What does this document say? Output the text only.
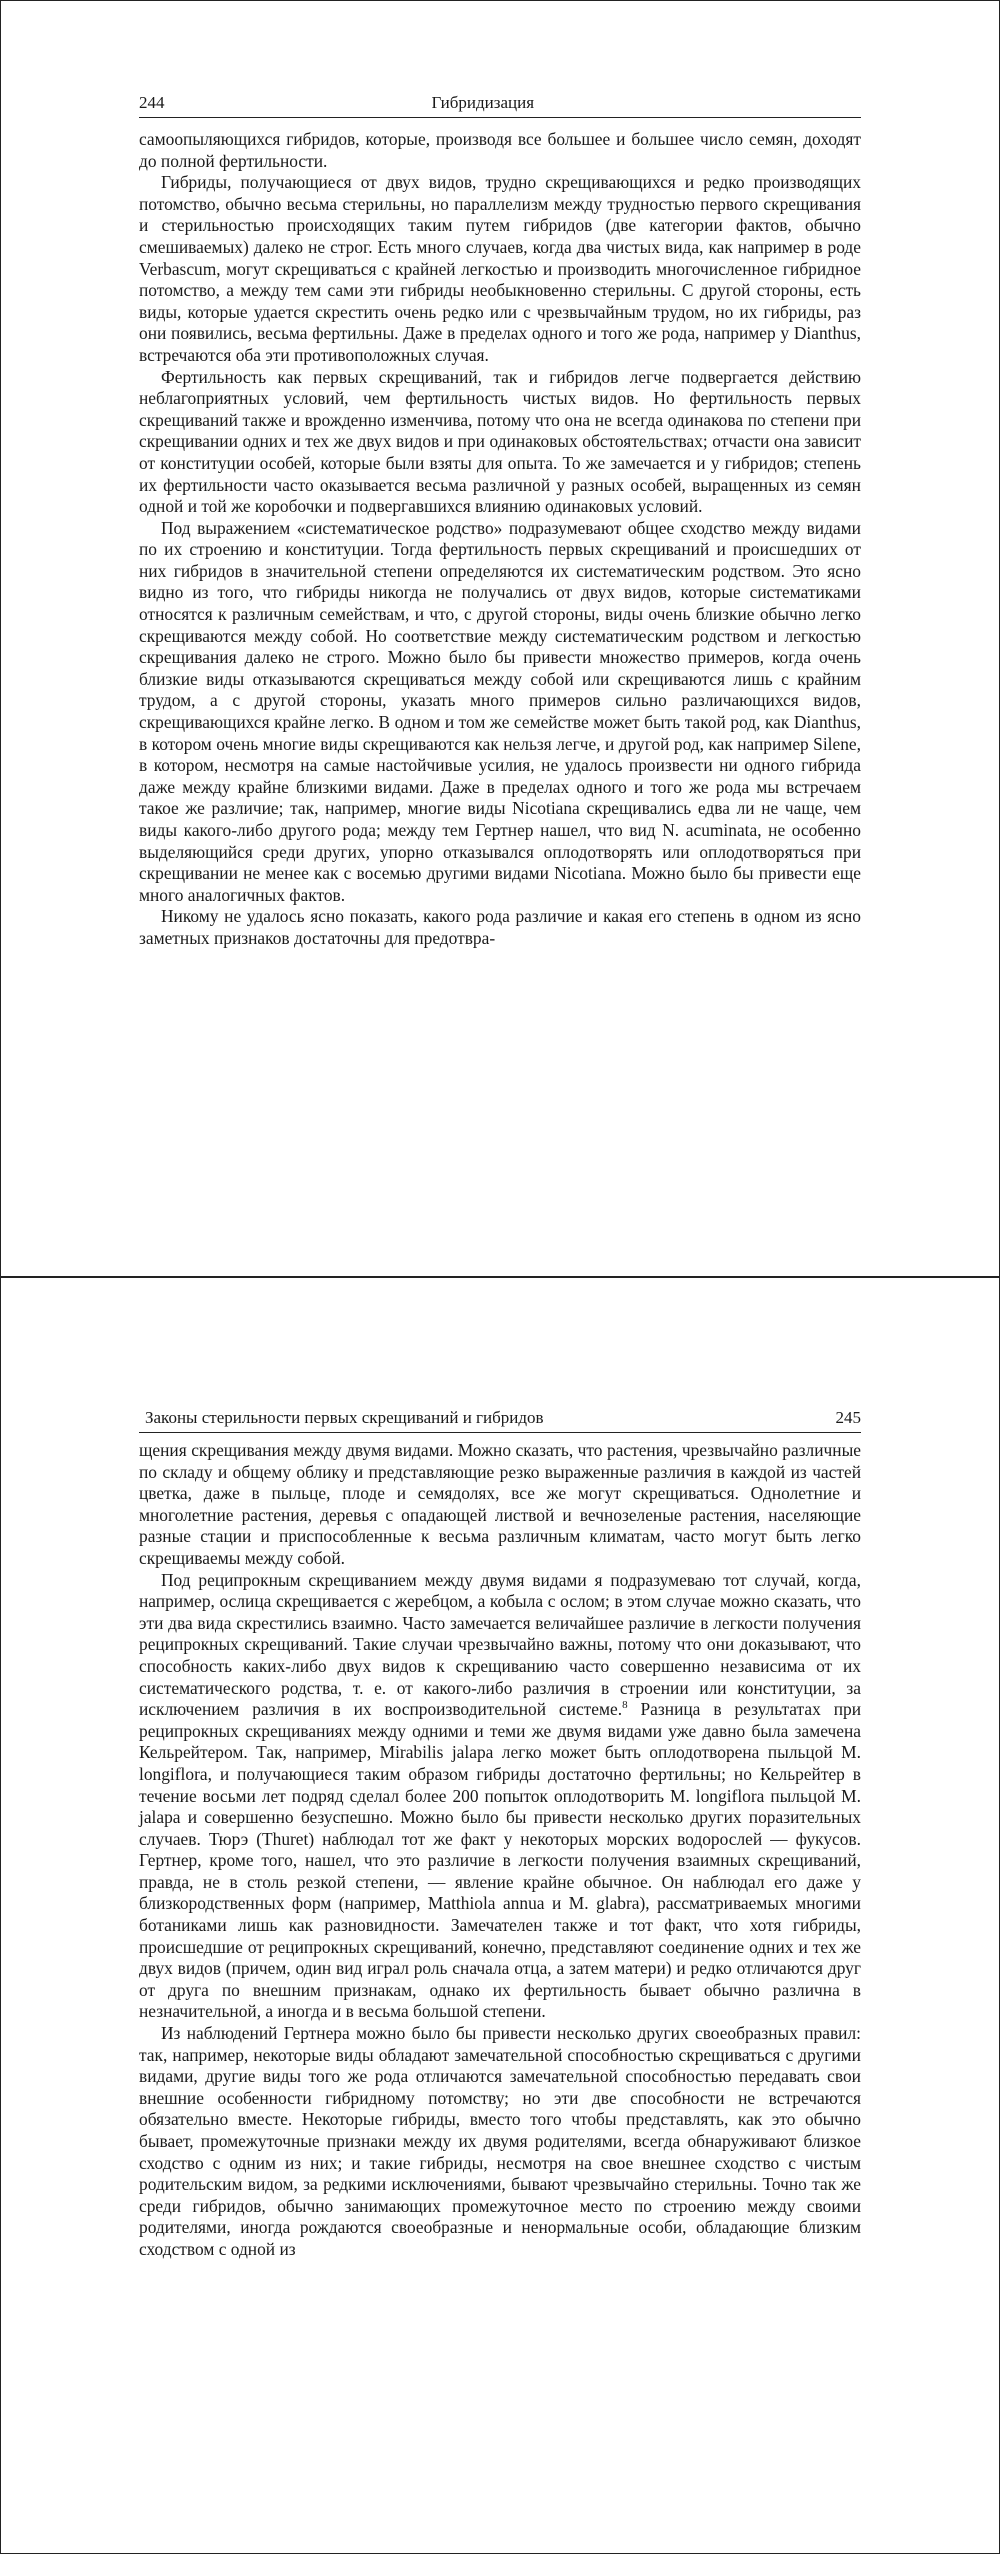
244	Гибридизация

самоопыляющихся гибридов, которые, производя все большее и большее число семян, доходят до полной фертильности.

Гибриды, получающиеся от двух видов, трудно скрещивающихся и редко производящих потомство, обычно весьма стерильны, но параллелизм между трудностью первого скрещивания и стерильностью происходящих таким путем гибридов (две категории фактов, обычно смешиваемых) далеко не строг. Есть много случаев, когда два чистых вида, как например в роде Verbascum, могут скрещиваться с крайней легкостью и производить многочисленное гибридное потомство, а между тем сами эти гибриды необыкновенно стерильны. С другой стороны, есть виды, которые удается скрестить очень редко или с чрезвычайным трудом, но их гибриды, раз они появились, весьма фертильны. Даже в пределах одного и того же рода, например у Dianthus, встречаются оба эти противоположных случая.

Фертильность как первых скрещиваний, так и гибридов легче подвергается действию неблагоприятных условий, чем фертильность чистых видов. Но фертильность первых скрещиваний также и врожденно изменчива, потому что она не всегда одинакова по степени при скрещивании одних и тех же двух видов и при одинаковых обстоятельствах; отчасти она зависит от конституции особей, которые были взяты для опыта. То же замечается и у гибридов; степень их фертильности часто оказывается весьма различной у разных особей, выращенных из семян одной и той же коробочки и подвергавшихся влиянию одинаковых условий.

Под выражением «систематическое родство» подразумевают общее сходство между видами по их строению и конституции. Тогда фертильность первых скрещиваний и происшедших от них гибридов в значительной степени определяются их систематическим родством. Это ясно видно из того, что гибриды никогда не получались от двух видов, которые систематиками относятся к различным семействам, и что, с другой стороны, виды очень близкие обычно легко скрещиваются между собой. Но соответствие между систематическим родством и легкостью скрещивания далеко не строго. Можно было бы привести множество примеров, когда очень близкие виды отказываются скрещиваться между собой или скрещиваются лишь с крайним трудом, а с другой стороны, указать много примеров сильно различающихся видов, скрещивающихся крайне легко. В одном и том же семействе может быть такой род, как Dianthus, в котором очень многие виды скрещиваются как нельзя легче, и другой род, как например Silene, в котором, несмотря на самые настойчивые усилия, не удалось произвести ни одного гибрида даже между крайне близкими видами. Даже в пределах одного и того же рода мы встречаем такое же различие; так, например, многие виды Nicotiana скрещивались едва ли не чаще, чем виды какого-либо другого рода; между тем Гертнер нашел, что вид N. acuminata, не особенно выделяющийся среди других, упорно отказывался оплодотворять или оплодотворяться при скрещивании не менее как с восемью другими видами Nicotiana. Можно было бы привести еще много аналогичных фактов.

Никому не удалось ясно показать, какого рода различие и какая его степень в одном из ясно заметных признаков достаточны для предотвра-

Законы стерильности первых скрещиваний и гибридов	245

щения скрещивания между двумя видами. Можно сказать, что растения, чрезвычайно различные по складу и общему облику и представляющие резко выраженные различия в каждой из частей цветка, даже в пыльце, плоде и семядолях, все же могут скрещиваться. Однолетние и многолетние растения, деревья с опадающей листвой и вечнозеленые растения, населяющие разные стации и приспособленные к весьма различным климатам, часто могут быть легко скрещиваемы между собой.

Под реципрокным скрещиванием между двумя видами я подразумеваю тот случай, когда, например, ослица скрещивается с жеребцом, а кобыла с ослом; в этом случае можно сказать, что эти два вида скрестились взаимно. Часто замечается величайшее различие в легкости получения реципрокных скрещиваний. Такие случаи чрезвычайно важны, потому что они доказывают, что способность каких-либо двух видов к скрещиванию часто совершенно независима от их систематического родства, т. е. от какого-либо различия в строении или конституции, за исключением различия в их воспроизводительной системе.$^8$ Разница в результатах при реципрокных скрещиваниях между одними и теми же двумя видами уже давно была замечена Кельрейтером. Так, например, Mirabilis jalapa легко может быть оплодотворена пыльцой M. longiflora, и получающиеся таким образом гибриды достаточно фертильны; но Кельрейтер в течение восьми лет подряд сделал более 200 попыток оплодотворить M. longiflora пыльцой M. jalapa и совершенно безуспешно. Можно было бы привести несколько других поразительных случаев. Тюрэ (Thuret) наблюдал тот же факт у некоторых морских водорослей — фукусов. Гертнер, кроме того, нашел, что это различие в легкости получения взаимных скрещиваний, правда, не в столь резкой степени, — явление крайне обычное. Он наблюдал его даже у близкородственных форм (например, Matthiola annua и M. glabra), рассматриваемых многими ботаниками лишь как разновидности. Замечателен также и тот факт, что хотя гибриды, происшедшие от реципрокных скрещиваний, конечно, представляют соединение одних и тех же двух видов (причем, один вид играл роль сначала отца, а затем матери) и редко отличаются друг от друга по внешним признакам, однако их фертильность бывает обычно различна в незначительной, а иногда и в весьма большой степени.

Из наблюдений Гертнера можно было бы привести несколько других своеобразных правил: так, например, некоторые виды обладают замечательной способностью скрещиваться с другими видами, другие виды того же рода отличаются замечательной способностью передавать свои внешние особенности гибридному потомству; но эти две способности не встречаются обязательно вместе. Некоторые гибриды, вместо того чтобы представлять, как это обычно бывает, промежуточные признаки между их двумя родителями, всегда обнаруживают близкое сходство с одним из них; и такие гибриды, несмотря на свое внешнее сходство с чистым родительским видом, за редкими исключениями, бывают чрезвычайно стерильны. Точно так же среди гибридов, обычно занимающих промежуточное место по строению между своими родителями, иногда рождаются своеобразные и ненормальные особи, обладающие близким сходством с одной из
